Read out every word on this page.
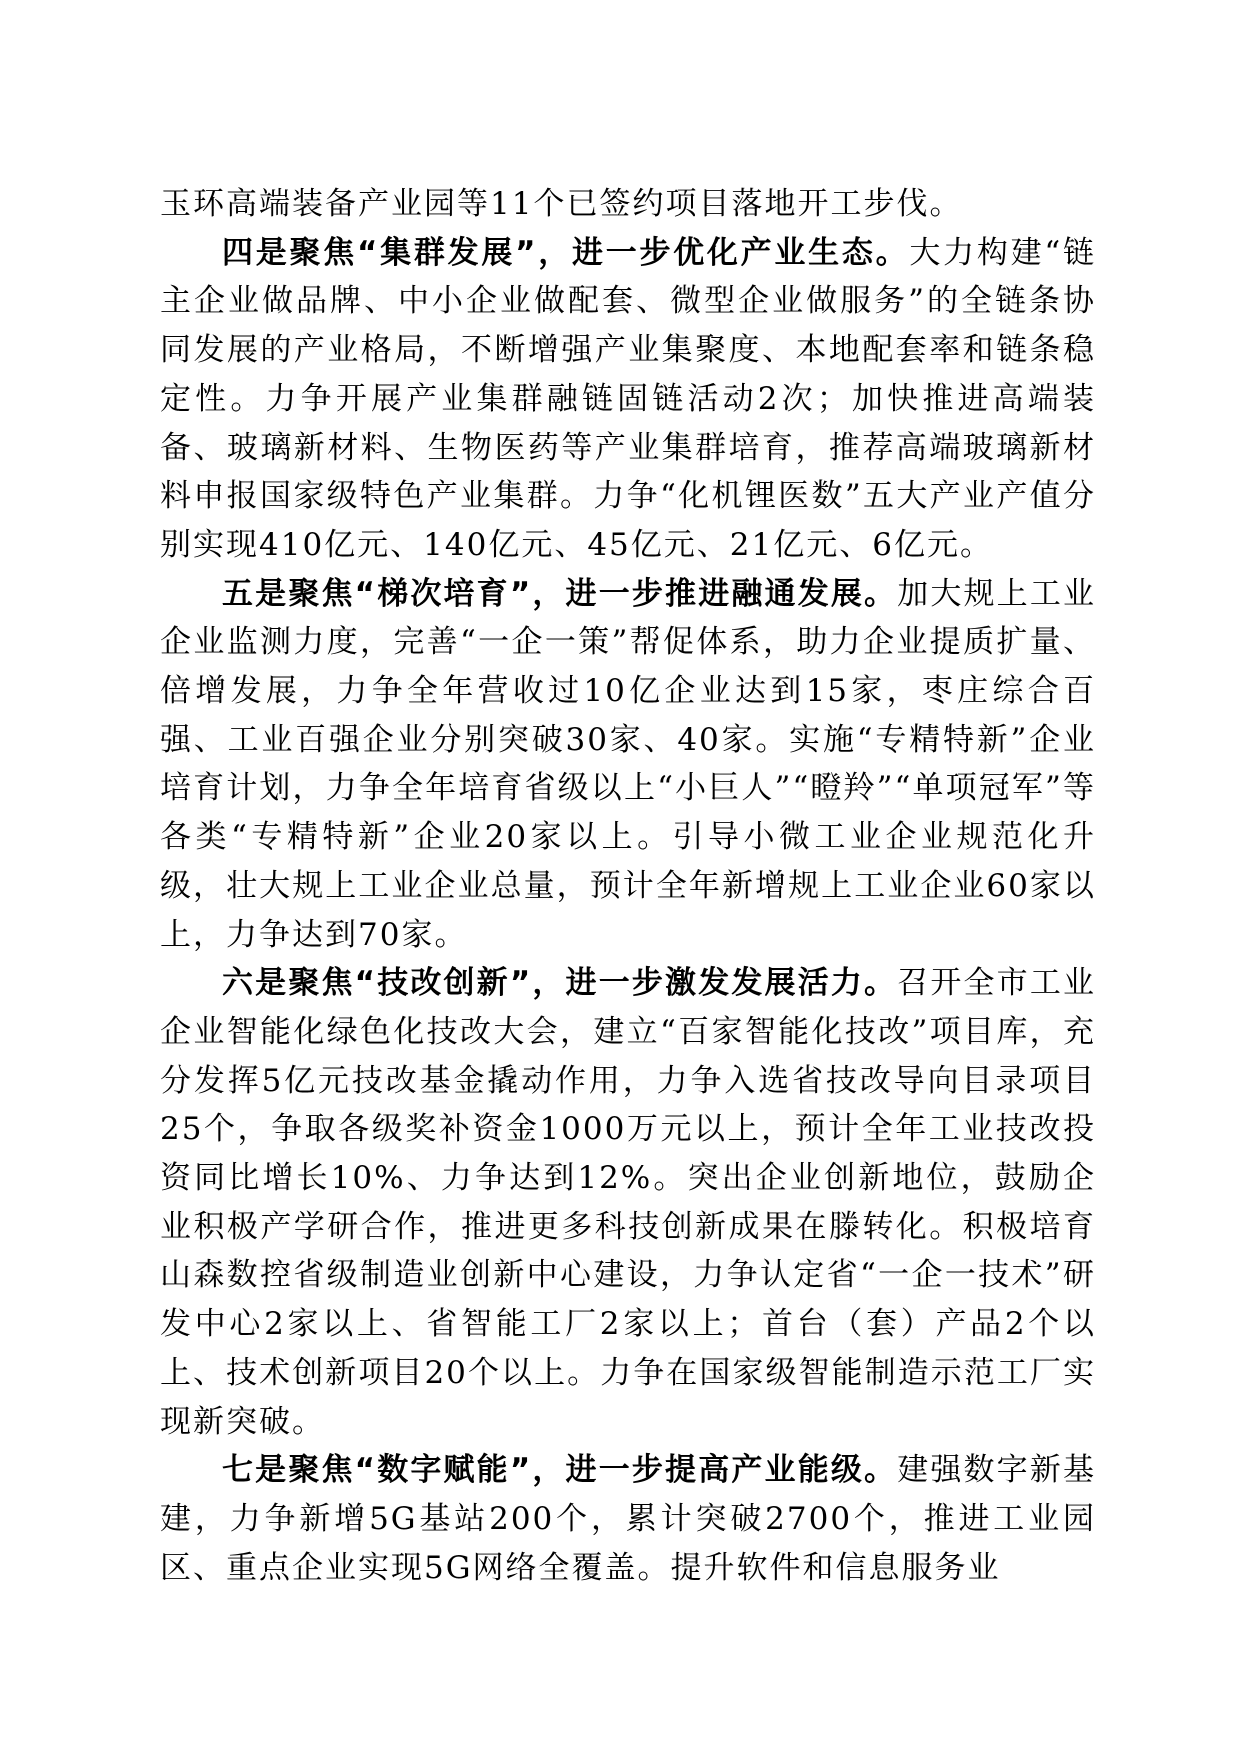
玉环高端装备产业园等11个已签约项目落地开工步伐。

四是聚焦“集群发展”，进一步优化产业生态。大力构建“链主企业做品牌、中小企业做配套、微型企业做服务”的全链条协同发展的产业格局，不断增强产业集聚度、本地配套率和链条稳定性。力争开展产业集群融链固链活动2次；加快推进高端装备、玻璃新材料、生物医药等产业集群培育，推荐高端玻璃新材料申报国家级特色产业集群。力争“化机锂医数”五大产业产值分别实现410亿元、140亿元、45亿元、21亿元、6亿元。

五是聚焦“梯次培育”，进一步推进融通发展。加大规上工业企业监测力度，完善“一企一策”帮促体系，助力企业提质扩量、倍增发展，力争全年营收过10亿企业达到15家，枣庄综合百强、工业百强企业分别突破30家、40家。实施“专精特新”企业培育计划，力争全年培育省级以上“小巨人”“瞪羚”“单项冠军”等各类“专精特新”企业20家以上。引导小微工业企业规范化升级，壮大规上工业企业总量，预计全年新增规上工业企业60家以上，力争达到70家。

六是聚焦“技改创新”，进一步激发发展活力。召开全市工业企业智能化绿色化技改大会，建立“百家智能化技改”项目库，充分发挥5亿元技改基金撬动作用，力争入选省技改导向目录项目25个，争取各级奖补资金1000万元以上，预计全年工业技改投资同比增长10%、力争达到12%。突出企业创新地位，鼓励企业积极产学研合作，推进更多科技创新成果在滕转化。积极培育山森数控省级制造业创新中心建设，力争认定省“一企一技术”研发中心2家以上、省智能工厂2家以上；首台（套）产品2个以上、技术创新项目20个以上。力争在国家级智能制造示范工厂实现新突破。

七是聚焦“数字赋能”，进一步提高产业能级。建强数字新基建，力争新增5G基站200个，累计突破2700个，推进工业园区、重点企业实现5G网络全覆盖。提升软件和信息服务业
